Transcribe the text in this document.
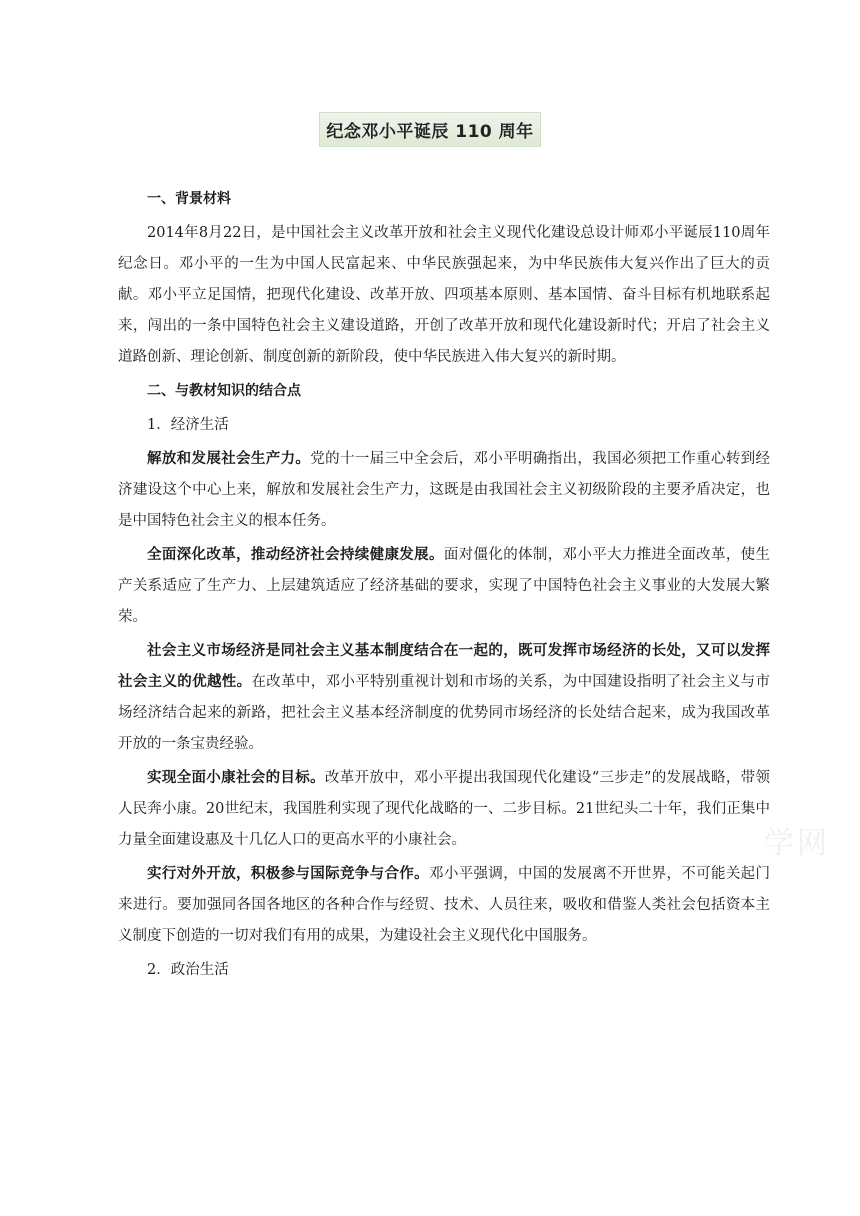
纪念邓小平诞辰 110 周年

一、背景材料

2014年8月22日，是中国社会主义改革开放和社会主义现代化建设总设计师邓小平诞辰110周年纪念日。邓小平的一生为中国人民富起来、中华民族强起来，为中华民族伟大复兴作出了巨大的贡献。邓小平立足国情，把现代化建设、改革开放、四项基本原则、基本国情、奋斗目标有机地联系起来，闯出的一条中国特色社会主义建设道路，开创了改革开放和现代化建设新时代；开启了社会主义道路创新、理论创新、制度创新的新阶段，使中华民族进入伟大复兴的新时期。

二、与教材知识的结合点

1．经济生活

解放和发展社会生产力。党的十一届三中全会后，邓小平明确指出，我国必须把工作重心转到经济建设这个中心上来，解放和发展社会生产力，这既是由我国社会主义初级阶段的主要矛盾决定，也是中国特色社会主义的根本任务。

全面深化改革，推动经济社会持续健康发展。面对僵化的体制，邓小平大力推进全面改革，使生产关系适应了生产力、上层建筑适应了经济基础的要求，实现了中国特色社会主义事业的大发展大繁荣。

社会主义市场经济是同社会主义基本制度结合在一起的，既可发挥市场经济的长处，又可以发挥社会主义的优越性。在改革中，邓小平特别重视计划和市场的关系，为中国建设指明了社会主义与市场经济结合起来的新路，把社会主义基本经济制度的优势同市场经济的长处结合起来，成为我国改革开放的一条宝贵经验。

实现全面小康社会的目标。改革开放中，邓小平提出我国现代化建设“三步走”的发展战略，带领人民奔小康。20世纪末，我国胜利实现了现代化战略的一、二步目标。21世纪头二十年，我们正集中力量全面建设惠及十几亿人口的更高水平的小康社会。

实行对外开放，积极参与国际竞争与合作。邓小平强调，中国的发展离不开世界，不可能关起门来进行。要加强同各国各地区的各种合作与经贸、技术、人员往来，吸收和借鉴人类社会包括资本主义制度下创造的一切对我们有用的成果，为建设社会主义现代化中国服务。

2．政治生活

学网
